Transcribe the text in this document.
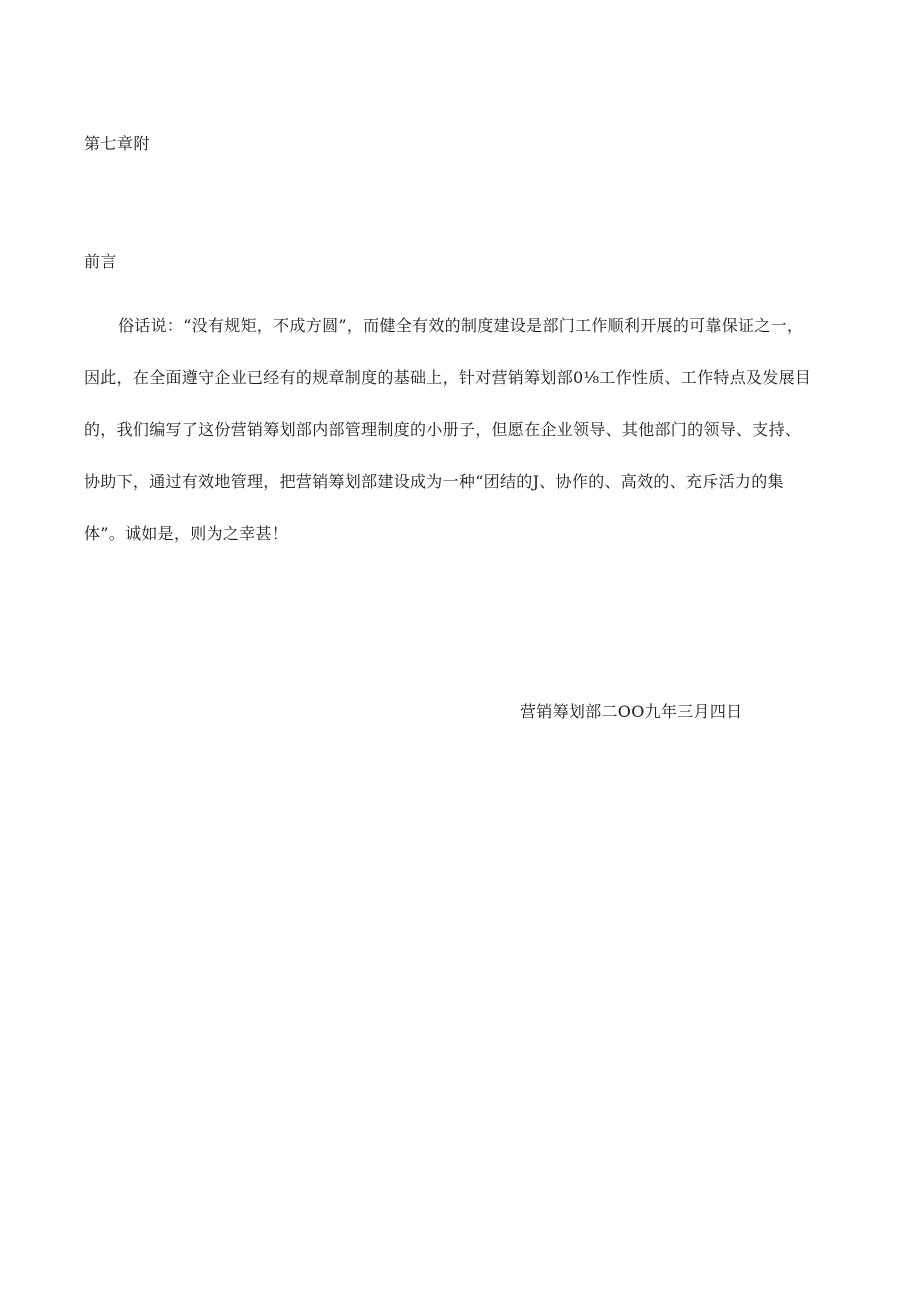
第七章附
前言
俗话说：“没有规矩，不成方圆”，而健全有效的制度建设是部门工作顺利开展的可靠保证之一，
因此，在全面遵守企业已经有的规章制度的基础上，针对营销筹划部0⅛工作性质、工作特点及发展目
的，我们编写了这份营销筹划部内部管理制度的小册子，但愿在企业领导、其他部门的领导、支持、
协助下，通过有效地管理，把营销筹划部建设成为一种“团结的J、协作的、高效的、充斥活力的集
体”。诚如是，则为之幸甚！
营销筹划部二OO九年三月四日
